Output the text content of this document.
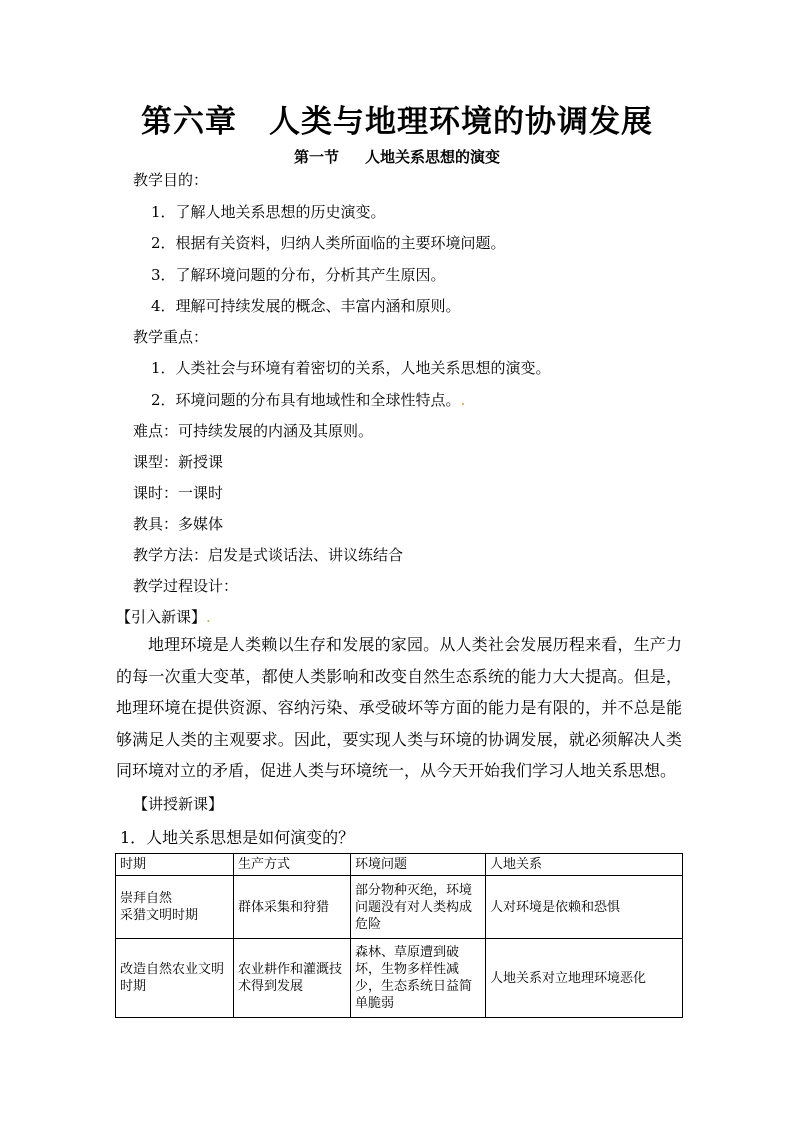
第六章　人类与地理环境的协调发展
第一节 人地关系思想的演变
教学目的：
1．了解人地关系思想的历史演变。
2．根据有关资料，归纳人类所面临的主要环境问题。
3．了解环境问题的分布，分析其产生原因。
4．理解可持续发展的概念、丰富内涵和原则。
教学重点：
1．人类社会与环境有着密切的关系，人地关系思想的演变。
2．环境问题的分布具有地域性和全球性特点。.
难点：可持续发展的内涵及其原则。
课型：新授课
课时：一课时
教具：多媒体
教学方法：启发是式谈话法、讲议练结合
教学过程设计：
【引入新课】.
地理环境是人类赖以生存和发展的家园。从人类社会发展历程来看，生产力的每一次重大变革，都使人类影响和改变自然生态系统的能力大大提高。但是，地理环境在提供资源、容纳污染、承受破坏等方面的能力是有限的，并不总是能够满足人类的主观要求。因此，要实现人类与环境的协调发展，就必须解决人类同环境对立的矛盾，促进人类与环境统一，从今天开始我们学习人地关系思想。
【讲授新课】
1．人地关系思想是如何演变的？
时期	生产方式	环境问题	人地关系

崇拜自然
采猎文明时期	群体采集和狩猎	部分物种灭绝，环境问题没有对人类构成危险	人对环境是依赖和恐惧

改造自然农业文明时期	农业耕作和灌溉技术得到发展	森林、草原遭到破坏，生物多样性减少，生态系统日益简单脆弱	人地关系对立地理环境恶化
